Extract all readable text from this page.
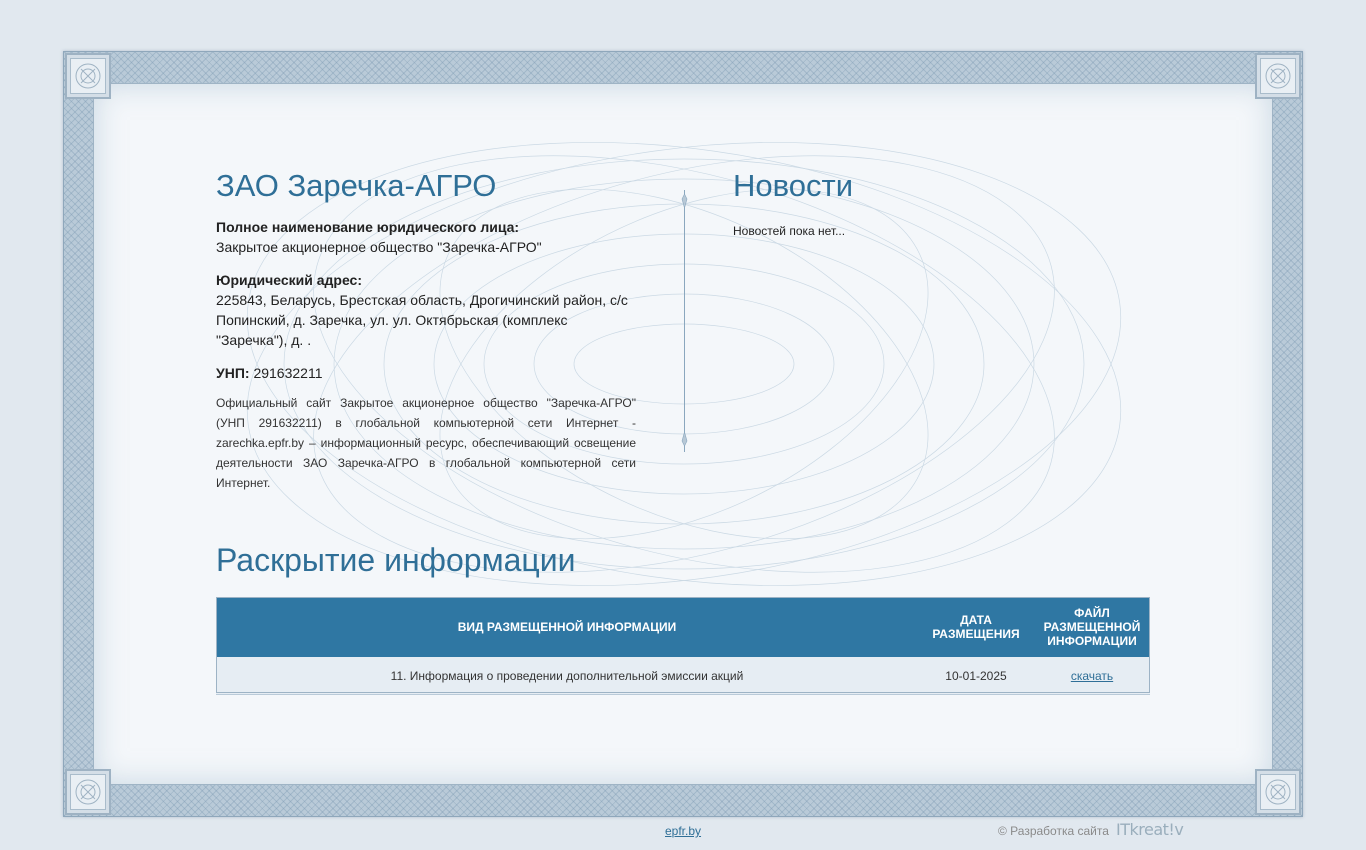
ЗАО Заречка-АГРО
Полное наименование юридического лица:
Закрытое акционерное общество "Заречка-АГРО"
Юридический адрес:
225843, Беларусь, Брестская область, Дрогичинский район, с/с Попинский, д. Заречка, ул. ул. Октябрьская (комплекс "Заречка"), д. .
УНП: 291632211
Официальный сайт Закрытое акционерное общество "Заречка-АГРО" (УНП 291632211) в глобальной компьютерной сети Интернет - zarechka.epfr.by – информационный ресурс, обеспечивающий освещение деятельности ЗАО Заречка-АГРО в глобальной компьютерной сети Интернет.
Новости
Новостей пока нет...
Раскрытие информации
ВИД РАЗМЕЩЕННОЙ ИНФОРМАЦИИ	ДАТА РАЗМЕЩЕНИЯ	ФАЙЛ РАЗМЕЩЕННОЙ ИНФОРМАЦИИ
11. Информация о проведении дополнительной эмиссии акций	10-01-2025	скачать
epfr.by	© Разработка сайта ITkreat!v
